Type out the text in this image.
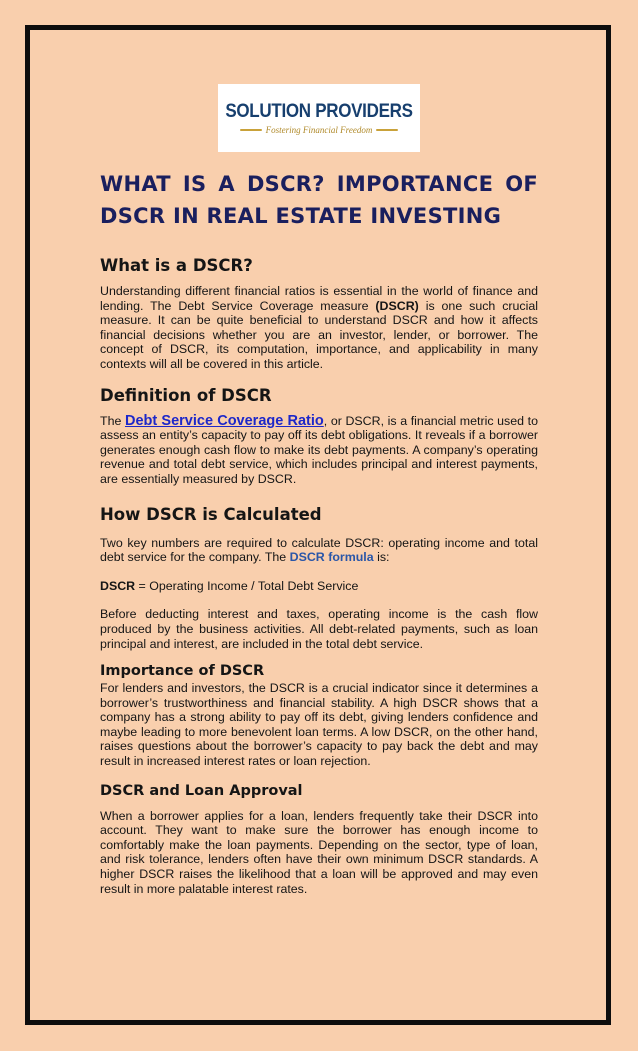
SOLUTION PROVIDERS
Fostering Financial Freedom
WHAT IS A DSCR? IMPORTANCE OF DSCR IN REAL ESTATE INVESTING
What is a DSCR?

Understanding different financial ratios is essential in the world of finance and lending. The Debt Service Coverage measure (DSCR) is one such crucial measure. It can be quite beneficial to understand DSCR and how it affects financial decisions whether you are an investor, lender, or borrower. The concept of DSCR, its computation, importance, and applicability in many contexts will all be covered in this article.

Definition of DSCR

The Debt Service Coverage Ratio, or DSCR, is a financial metric used to assess an entity’s capacity to pay off its debt obligations. It reveals if a borrower generates enough cash flow to make its debt payments. A company’s operating revenue and total debt service, which includes principal and interest payments, are essentially measured by DSCR.

How DSCR is Calculated

Two key numbers are required to calculate DSCR: operating income and total debt service for the company. The DSCR formula is:

DSCR = Operating Income / Total Debt Service

Before deducting interest and taxes, operating income is the cash flow produced by the business activities. All debt-related payments, such as loan principal and interest, are included in the total debt service.

Importance of DSCR

For lenders and investors, the DSCR is a crucial indicator since it determines a borrower’s trustworthiness and financial stability. A high DSCR shows that a company has a strong ability to pay off its debt, giving lenders confidence and maybe leading to more benevolent loan terms. A low DSCR, on the other hand, raises questions about the borrower’s capacity to pay back the debt and may result in increased interest rates or loan rejection.

DSCR and Loan Approval

When a borrower applies for a loan, lenders frequently take their DSCR into account. They want to make sure the borrower has enough income to comfortably make the loan payments. Depending on the sector, type of loan, and risk tolerance, lenders often have their own minimum DSCR standards. A higher DSCR raises the likelihood that a loan will be approved and may even result in more palatable interest rates.
